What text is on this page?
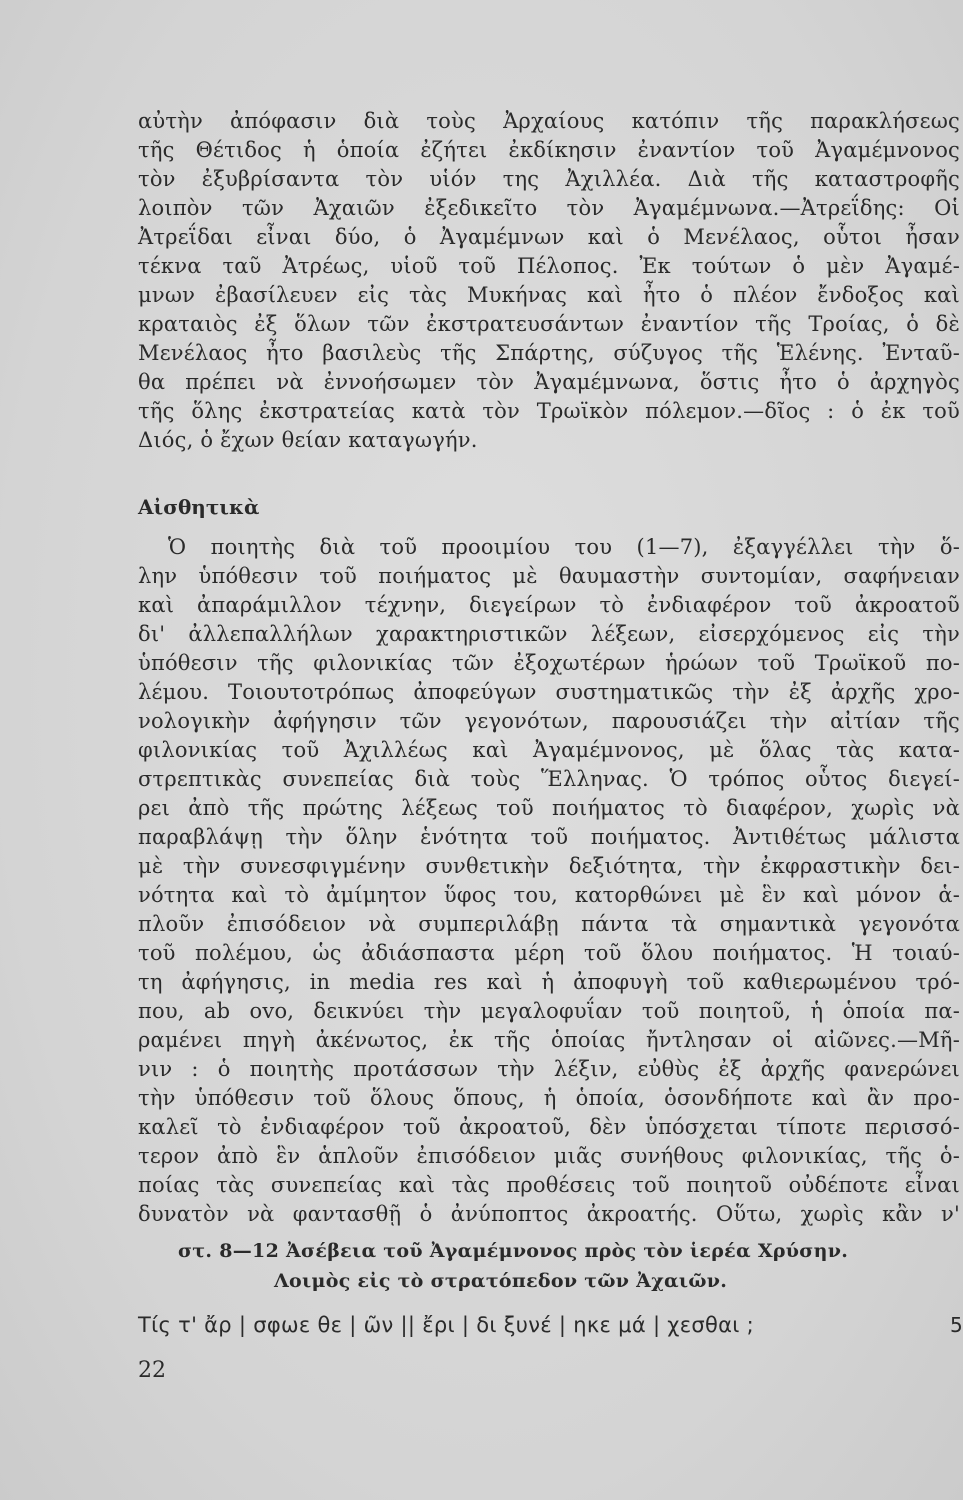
αὐτὴν ἀπόφασιν διὰ τοὺς Ἀρχαίους κατόπιν τῆς παρακλήσεως
τῆς Θέτιδος ἡ ὁποία ἐζήτει ἐκδίκησιν ἐναντίον τοῦ Ἀγαμέμνονος
τὸν ἐξυβρίσαντα τὸν υἱόν της Ἀχιλλέα. Διὰ τῆς καταστροφῆς
λοιπὸν τῶν Ἀχαιῶν ἐξεδικεῖτο τὸν Ἀγαμέμνωνα.—Ἀτρεΐδης: Οἱ
Ἀτρεΐδαι εἶναι δύο, ὁ Ἀγαμέμνων καὶ ὁ Μενέλαος, οὗτοι ἦσαν
τέκνα ταῦ Ἀτρέως, υἱοῦ τοῦ Πέλοπος. Ἐκ τούτων ὁ μὲν Ἀγαμέ-
μνων ἐβασίλευεν εἰς τὰς Μυκήνας καὶ ἦτο ὁ πλέον ἔνδοξος καὶ
κραταιὸς ἐξ ὅλων τῶν ἐκστρατευσάντων ἐναντίον τῆς Τροίας, ὁ δὲ
Μενέλαος ἦτο βασιλεὺς τῆς Σπάρτης, σύζυγος τῆς Ἑλένης. Ἐνταῦ-
θα πρέπει νὰ ἐννοήσωμεν τὸν Ἀγαμέμνωνα, ὅστις ἦτο ὁ ἀρχηγὸς
τῆς ὅλης ἐκστρατείας κατὰ τὸν Τρωϊκὸν πόλεμον.—δῖος : ὁ ἐκ τοῦ
Διός, ὁ ἔχων θείαν καταγωγήν.
Αἰσθητικὰ
Ὁ ποιητὴς διὰ τοῦ προοιμίου του (1—7), ἐξαγγέλλει τὴν ὅ-
λην ὑπόθεσιν τοῦ ποιήματος μὲ θαυμαστὴν συντομίαν, σαφήνειαν
καὶ ἀπαράμιλλον τέχνην, διεγείρων τὸ ἐνδιαφέρον τοῦ ἀκροατοῦ
δι' ἀλλεπαλλήλων χαρακτηριστικῶν λέξεων, εἰσερχόμενος εἰς τὴν
ὑπόθεσιν τῆς φιλονικίας τῶν ἐξοχωτέρων ἡρώων τοῦ Τρωϊκοῦ πο-
λέμου. Τοιουτοτρόπως ἀποφεύγων συστηματικῶς τὴν ἐξ ἀρχῆς χρο-
νολογικὴν ἀφήγησιν τῶν γεγονότων, παρουσιάζει τὴν αἰτίαν τῆς
φιλονικίας τοῦ Ἀχιλλέως καὶ Ἀγαμέμνονος, μὲ ὅλας τὰς κατα-
στρεπτικὰς συνεπείας διὰ τοὺς Ἕλληνας. Ὁ τρόπος οὗτος διεγεί-
ρει ἀπὸ τῆς πρώτης λέξεως τοῦ ποιήματος τὸ διαφέρον, χωρὶς νὰ
παραβλάψῃ τὴν ὅλην ἑνότητα τοῦ ποιήματος. Ἀντιθέτως μάλιστα
μὲ τὴν συνεσφιγμένην συνθετικὴν δεξιότητα, τὴν ἐκφραστικὴν δει-
νότητα καὶ τὸ ἀμίμητον ὕφος του, κατορθώνει μὲ ἓν καὶ μόνον ἁ-
πλοῦν ἐπισόδειον νὰ συμπεριλάβῃ πάντα τὰ σημαντικὰ γεγονότα
τοῦ πολέμου, ὡς ἀδιάσπαστα μέρη τοῦ ὅλου ποιήματος. Ἡ τοιαύ-
τη ἀφήγησις, in media res καὶ ἡ ἀποφυγὴ τοῦ καθιερωμένου τρό-
που, ab ovo, δεικνύει τὴν μεγαλοφυΐαν τοῦ ποιητοῦ, ἡ ὁποία πα-
ραμένει πηγὴ ἀκένωτος, ἐκ τῆς ὁποίας ἤντλησαν οἱ αἰῶνες.—Μῆ-
νιν : ὁ ποιητὴς προτάσσων τὴν λέξιν, εὐθὺς ἐξ ἀρχῆς φανερώνει
τὴν ὑπόθεσιν τοῦ ὅλους ὅπους, ἡ ὁποία, ὁσονδήποτε καὶ ἂν προ-
καλεῖ τὸ ἐνδιαφέρον τοῦ ἀκροατοῦ, δὲν ὑπόσχεται τίποτε περισσό-
τερον ἀπὸ ἓν ἁπλοῦν ἐπισόδειον μιᾶς συνήθους φιλονικίας, τῆς ὁ-
ποίας τὰς συνεπείας καὶ τὰς προθέσεις τοῦ ποιητοῦ οὐδέποτε εἶναι
δυνατὸν νὰ φαντασθῇ ὁ ἀνύποπτος ἀκροατής. Οὕτω, χωρὶς κἂν ν'
στ. 8—12 Ἀσέβεια τοῦ Ἀγαμέμνονος πρὸς τὸν ἱερέα Χρύσην.
Λοιμὸς εἰς τὸ στρατόπεδον τῶν Ἀχαιῶν.
Τίς τ' ἄρ | σφωε θε | ῶν || ἔρι | δι ξυνέ | ηκε μά | χεσθαι ;	5
22
